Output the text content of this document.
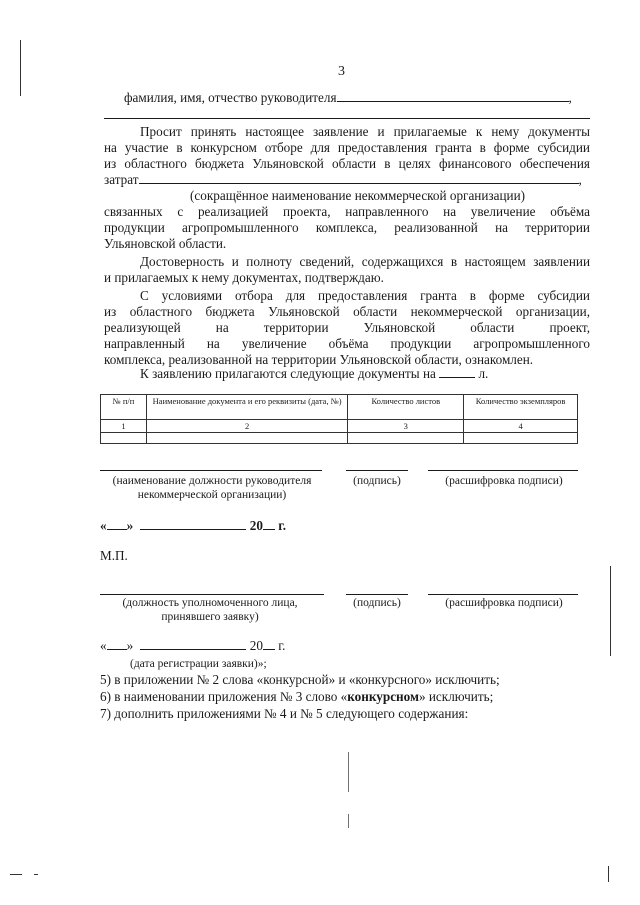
3
фамилия, имя, отчество руководителя	,
Просит принять настоящее заявление и прилагаемые к нему документы
на участие в конкурсном отборе для предоставления гранта в форме субсидии
из областного бюджета Ульяновской области в целях финансового обеспечения
затрат	,
(сокращённое наименование некоммерческой организации)
связанных с реализацией проекта, направленного на увеличение объёма
продукции агропромышленного комплекса, реализованной на территории
Ульяновской области.
Достоверность и полноту сведений, содержащихся в настоящем заявлении
и прилагаемых к нему документах, подтверждаю.
С условиями отбора для предоставления гранта в форме субсидии
из областного бюджета Ульяновской области некоммерческой организации,
реализующей на территории Ульяновской области проект,
направленный на увеличение объёма продукции агропромышленного
комплекса, реализованной на территории Ульяновской области, ознакомлен.
К заявлению прилагаются следующие документы на	л.
№ п/п	Наименование документа и его реквизиты (дата, №)	Количество листов	Количество экземпляров
1	2	3	4

(наименование должности руководителя некоммерческой организации)
(подпись)	(расшифровка подписи)
« »	20 г.
М.П.
(должность уполномоченного лица, принявшего заявку)
(подпись)	(расшифровка подписи)
« »	20 г.
(дата регистрации заявки)»;
5) в приложении № 2 слова «конкурсной» и «конкурсного» исключить;
6) в наименовании приложения № 3 слово «конкурсном» исключить;
7) дополнить приложениями № 4 и № 5 следующего содержания:
